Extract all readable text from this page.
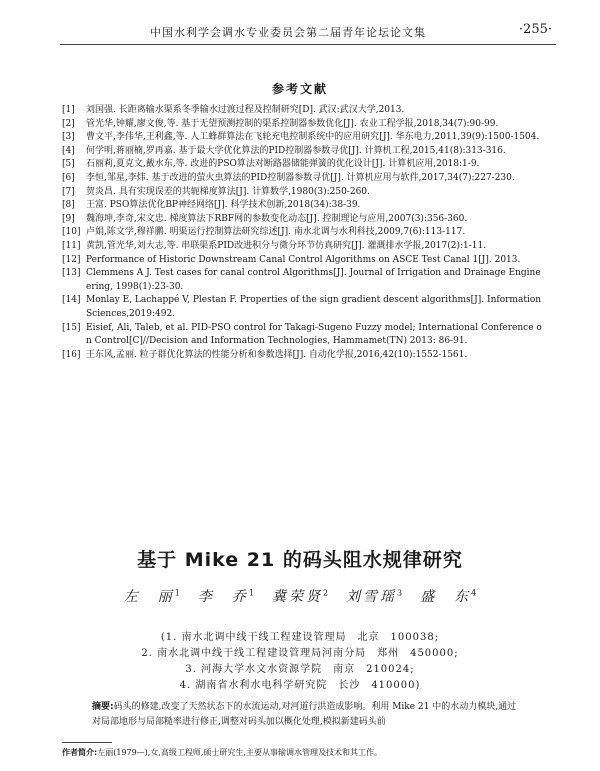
中国水利学会调水专业委员会第二届青年论坛论文集	·255·
参考文献
[1] 刘国强. 长距离输水渠系冬季输水过渡过程及控制研究[D]. 武汉:武汉大学,2013.
[2] 管光华,钟耀,廖文俊,等. 基于无望预测控制的渠系控制器参数优化[J]. 农业工程学报,2018,34(7):90-99.
[3] 曹文平,李伟华,王利鑫,等. 人工蜂群算法在飞轮充电控制系统中的应用研究[J]. 华东电力,2011,39(9):1500-1504.
[4] 何学明,蒋丽楠,罗再嘉. 基于最大学优化算法的PID控制器参数寻优[J]. 计算机工程,2015,41(8):313-316.
[5] 石丽莉,夏克文,戴水东,等. 改进的PSO算法对断路器储能弹簧的优化设计[J]. 计算机应用,2018:1-9.
[6] 李恒,邹星,李炜. 基于改进的萤火虫算法的PID控制器参数寻优[J]. 计算机应用与软件,2017,34(7):227-230.
[7] 贺炎昌. 具有实现误差的共轭梯度算法[J]. 计算数学,1980(3):250-260.
[8] 王富. PSO算法优化BP神经网络[J]. 科学技术创新,2018(34):38-39.
[9] 魏海坤,李奇,宋文忠. 梯度算法下RBF网的参数变化动态[J]. 控制理论与应用,2007(3):356-360.
[10] 卢娟,陈文学,穆祥鹏. 明渠运行控制算法研究综述[J]. 南水北调与水利科技,2009,7(6):113-117.
[11] 黄凯,管光华,刘大志,等. 串联渠系PID改进积分与微分环节仿真研究[J]. 灌溉排水学报,2017(2):1-11.
[12] Performance of Historic Downstream Canal Control Algorithms on ASCE Test Canal 1[J]. 2013.
[13] Clemmens A J. Test cases for canal control Algorithms[J]. Journal of Irrigation and Drainage Engineering, 1998(1):23-30.
[14] Monlay E, Lachappé V, Plestan F. Properties of the sign gradient descent algorithms[J]. Information Sciences,2019:492.
[15] Eisief, Ali, Taleb, et al. PID-PSO control for Takagi-Sugeno Fuzzy model; International Conference on Control[C]//Decision and Information Technologies, Hammamet(TN) 2013: 86-91.
[16] 王东风,孟丽. 粒子群优化算法的性能分析和参数选择[J]. 自动化学报,2016,42(10):1552-1561.
基于 Mike 21 的码头阻水规律研究
左　丽$^1$ 李　乔$^1$ 冀荣贤$^2$ 刘雪瑶$^3$ 盛　东$^4$
(1. 南水北调中线干线工程建设管理局　北京　100038;
2. 南水北调中线干线工程建设管理局河南分局　郑州　450000;
3. 河海大学水文水资源学院　南京　210024;
4. 湖南省水利水电科学研究院　长沙　410000)
摘要:码头的修建,改变了天然状态下的水流运动,对河道行洪造成影响。利用 Mike 21 中的水动力模块,通过对局部地形与局部糙率进行修正,调整对码头加以概化处理,模拟新建码头前
作者简介:左丽(1979—),女,高级工程师,硕士研究生,主要从事输调水管理及技术和其工作。
